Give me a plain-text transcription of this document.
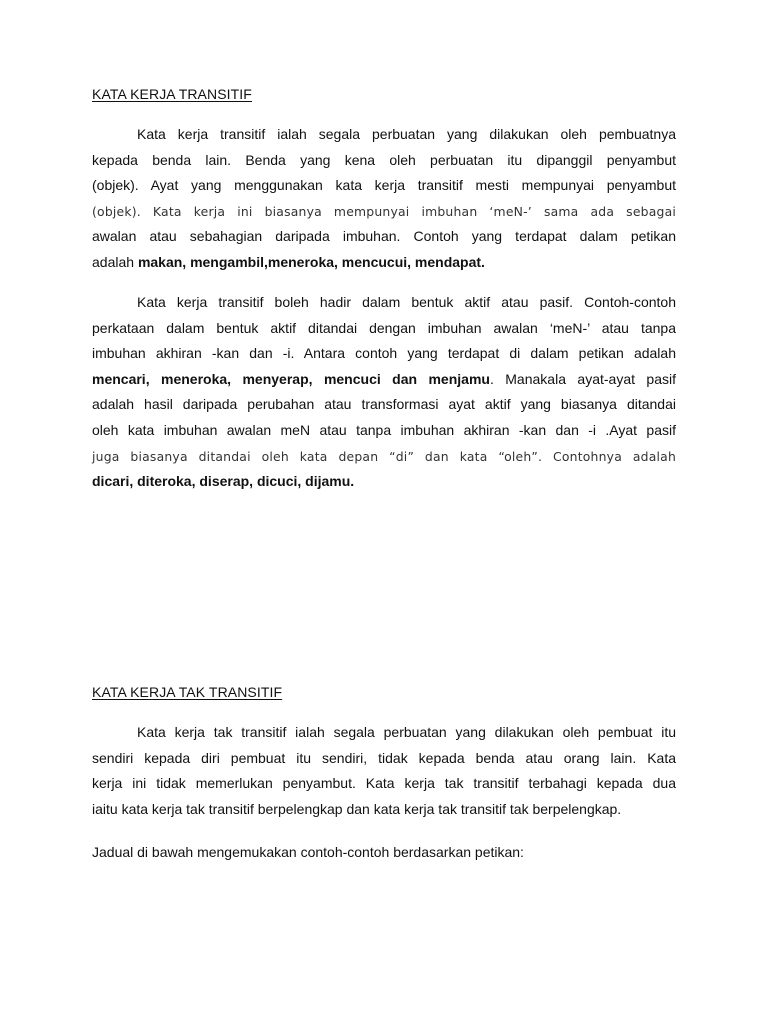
KATA KERJA TRANSITIF
Kata kerja transitif ialah segala perbuatan yang dilakukan oleh pembuatnya
kepada benda lain. Benda yang kena oleh perbuatan itu dipanggil penyambut
(objek). Ayat yang menggunakan kata kerja transitif mesti mempunyai penyambut
(objek). Kata kerja ini biasanya mempunyai imbuhan ‘meN-’ sama ada sebagai
awalan atau sebahagian daripada imbuhan. Contoh yang terdapat dalam petikan
adalah makan, mengambil,meneroka, mencucui, mendapat.
Kata kerja transitif boleh hadir dalam bentuk aktif atau pasif. Contoh-contoh
perkataan dalam bentuk aktif ditandai dengan imbuhan awalan ‘meN-’ atau tanpa
imbuhan akhiran -kan dan -i. Antara contoh yang terdapat di dalam petikan adalah
mencari, meneroka, menyerap, mencuci dan menjamu. Manakala ayat-ayat pasif
adalah hasil daripada perubahan atau transformasi ayat aktif yang biasanya ditandai
oleh kata imbuhan awalan meN atau tanpa imbuhan akhiran -kan dan -i .Ayat pasif
juga biasanya ditandai oleh kata depan “di” dan kata “oleh”. Contohnya adalah
dicari, diteroka, diserap, dicuci, dijamu.
KATA KERJA TAK TRANSITIF
Kata kerja tak transitif ialah segala perbuatan yang dilakukan oleh pembuat itu
sendiri kepada diri pembuat itu sendiri, tidak kepada benda atau orang lain. Kata
kerja ini tidak memerlukan penyambut. Kata kerja tak transitif terbahagi kepada dua
iaitu kata kerja tak transitif berpelengkap dan kata kerja tak transitif tak berpelengkap.

Jadual di bawah mengemukakan contoh-contoh berdasarkan petikan:
